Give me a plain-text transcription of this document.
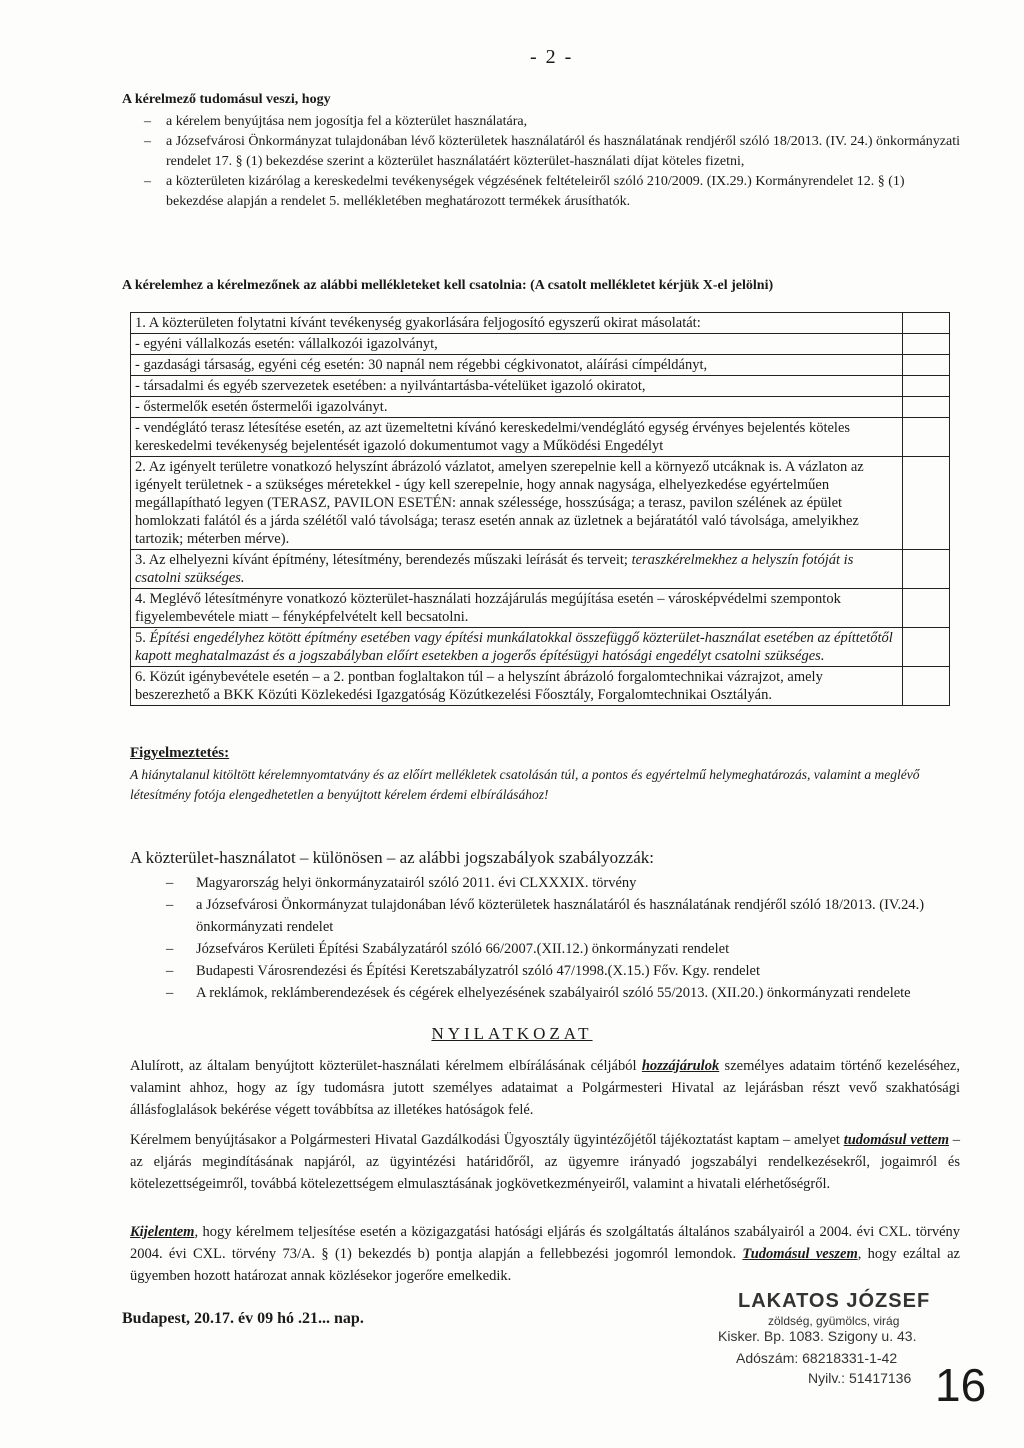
- 2 -
A kérelmező tudomásul veszi, hogy
– a kérelem benyújtása nem jogosítja fel a közterület használatára,
– a Józsefvárosi Önkormányzat tulajdonában lévő közterületek használatáról és használatának rendjéről szóló 18/2013. (IV. 24.) önkormányzati rendelet 17. § (1) bekezdése szerint a közterület használatáért közterület-használati díjat köteles fizetni,
– a közterületen kizárólag a kereskedelmi tevékenységek végzésének feltételeiről szóló 210/2009. (IX.29.) Kormányrendelet 12. § (1) bekezdése alapján a rendelet 5. mellékletében meghatározott termékek árusíthatók.
A kérelemhez a kérelmezőnek az alábbi mellékleteket kell csatolnia: (A csatolt mellékletet kérjük X-el jelölni)
1. A közterületen folytatni kívánt tevékenység gyakorlására feljogosító egyszerű okirat másolatát:	
- egyéni vállalkozás esetén: vállalkozói igazolványt,	
- gazdasági társaság, egyéni cég esetén: 30 napnál nem régebbi cégkivonatot, aláírási címpéldányt,	
- társadalmi és egyéb szervezetek esetében: a nyilvántartásba-vételüket igazoló okiratot,	
- őstermelők esetén őstermelői igazolványt.	
- vendéglátó terasz létesítése esetén, az azt üzemeltetni kívánó kereskedelmi/vendéglátó egység érvényes bejelentés köteles kereskedelmi tevékenység bejelentését igazoló dokumentumot vagy a Működési Engedélyt	
2. Az igényelt területre vonatkozó helyszínt ábrázoló vázlatot, amelyen szerepelnie kell a környező utcáknak is. A vázlaton az igényelt területnek - a szükséges méretekkel - úgy kell szerepelnie, hogy annak nagysága, elhelyezkedése egyértelműen megállapítható legyen (TERASZ, PAVILON ESETÉN: annak szélessége, hosszúsága; a terasz, pavilon szélének az épület homlokzati falától és a járda szélétől való távolsága; terasz esetén annak az üzletnek a bejáratától való távolsága, amelyikhez tartozik; méterben mérve).	
3. Az elhelyezni kívánt építmény, létesítmény, berendezés műszaki leírását és terveit; teraszkérelmekhez a helyszín fotóját is csatolni szükséges.	
4. Meglévő létesítményre vonatkozó közterület-használati hozzájárulás megújítása esetén – városképvédelmi szempontok figyelembevétele miatt – fényképfelvételt kell becsatolni.	
5. Építési engedélyhez kötött építmény esetében vagy építési munkálatokkal összefüggő közterület-használat esetében az építtetőtől kapott meghatalmazást és a jogszabályban előírt esetekben a jogerős építésügyi hatósági engedélyt csatolni szükséges.	
6. Közút igénybevétele esetén – a 2. pontban foglaltakon túl – a helyszínt ábrázoló forgalomtechnikai vázrajzot, amely beszerezhető a BKK Közúti Közlekedési Igazgatóság Közútkezelési Főosztály, Forgalomtechnikai Osztályán.	
Figyelmeztetés:
A hiánytalanul kitöltött kérelemnyomtatvány és az előírt mellékletek csatolásán túl, a pontos és egyértelmű helymeghatározás, valamint a meglévő létesítmény fotója elengedhetetlen a benyújtott kérelem érdemi elbírálásához!
A közterület-használatot – különösen – az alábbi jogszabályok szabályozzák:
– Magyarország helyi önkormányzatairól szóló 2011. évi CLXXXIX. törvény
– a Józsefvárosi Önkormányzat tulajdonában lévő közterületek használatáról és használatának rendjéről szóló 18/2013. (IV.24.) önkormányzati rendelet
– Józsefváros Kerületi Építési Szabályzatáról szóló 66/2007.(XII.12.) önkormányzati rendelet
– Budapesti Városrendezési és Építési Keretszabályzatról szóló 47/1998.(X.15.) Főv. Kgy. rendelet
– A reklámok, reklámberendezések és cégérek elhelyezésének szabályairól szóló 55/2013. (XII.20.) önkormányzati rendelete
NYILATKOZAT

Alulírott, az általam benyújtott közterület-használati kérelmem elbírálásának céljából hozzájárulok személyes adataim történő kezeléséhez, valamint ahhoz, hogy az így tudomásra jutott személyes adataimat a Polgármesteri Hivatal az lejárásban részt vevő szakhatósági állásfoglalások bekérése végett továbbítsa az illetékes hatóságok felé.

Kérelmem benyújtásakor a Polgármesteri Hivatal Gazdálkodási Ügyosztály ügyintézőjétől tájékoztatást kaptam – amelyet tudomásul vettem – az eljárás megindításának napjáról, az ügyintézési határidőről, az ügyemre irányadó jogszabályi rendelkezésekről, jogaimról és kötelezettségeimről, továbbá kötelezettségem elmulasztásának jogkövetkezményeiről, valamint a hivatali elérhetőségről.

Kijelentem, hogy kérelmem teljesítése esetén a közigazgatási hatósági eljárás és szolgáltatás általános szabályairól a 2004. évi CXL. törvény 2004. évi CXL. törvény 73/A. § (1) bekezdés b) pontja alapján a fellebbezési jogomról lemondok. Tudomásul veszem, hogy ezáltal az ügyemben hozott határozat annak közlésekor jogerőre emelkedik.

Budapest, 20.17. év 09 hó .21... nap.
LAKATOS JÓZSEF
zöldség, gyümölcs, virág
Kisker. Bp. 1083. Szigony u. 43.
Adószám: 68218331-1-42
Nyilv.: 51417136 16
